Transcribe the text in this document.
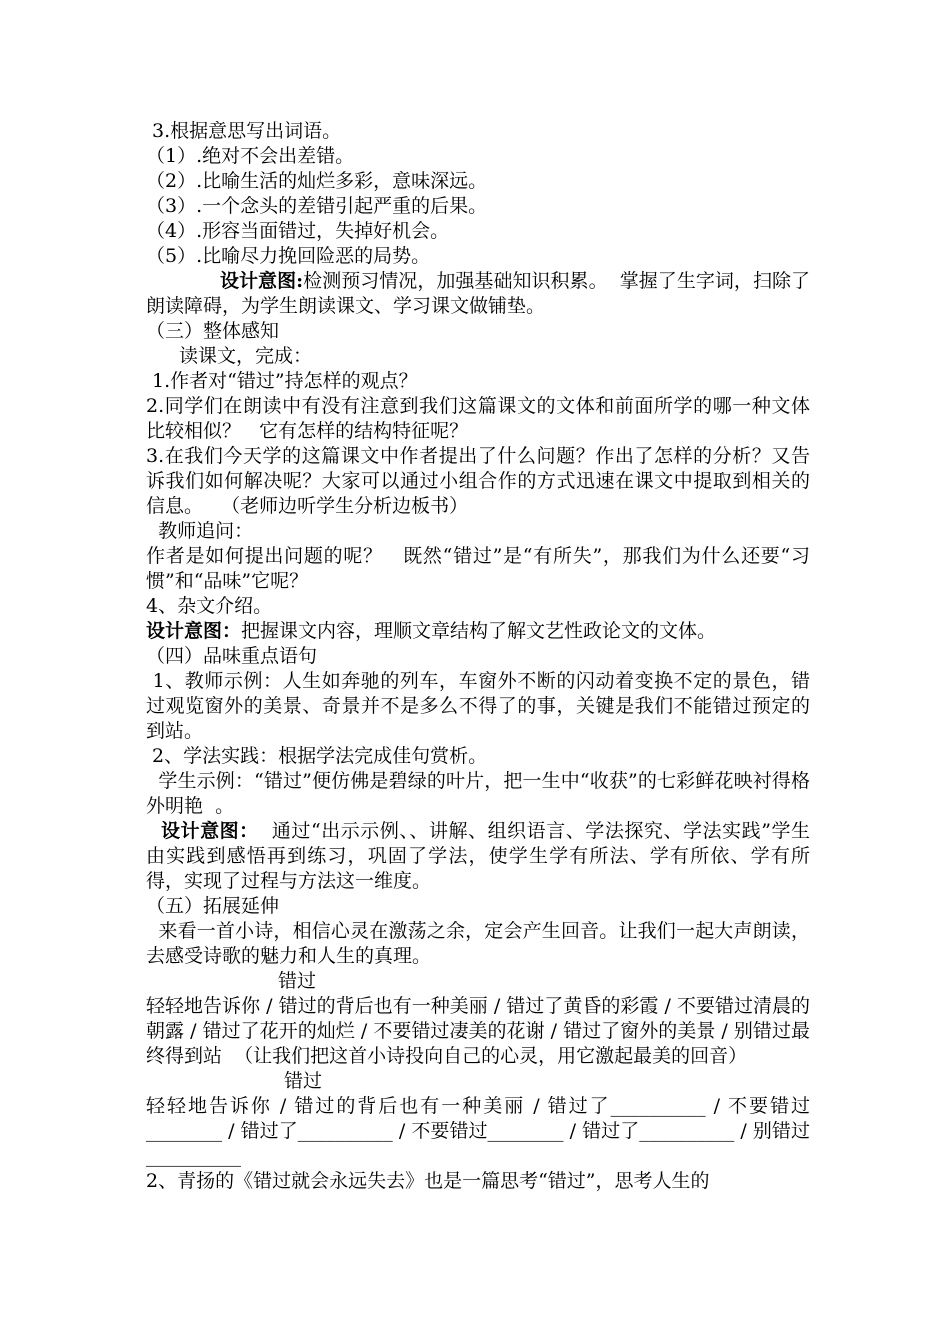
3.根据意思写出词语。

（1）.绝对不会出差错。

（2）.比喻生活的灿烂多彩，意味深远。

（3）.一个念头的差错引起严重的后果。

（4）.形容当面错过，失掉好机会。

（5）.比喻尽力挽回险恶的局势。

设计意图:检测预习情况，加强基础知识积累。  掌握了生字词，扫除了朗读障碍，为学生朗读课文、学习课文做铺垫。

（三）整体感知

读课文，完成：

1.作者对“错过”持怎样的观点？

2.同学们在朗读中有没有注意到我们这篇课文的文体和前面所学的哪一种文体比较相似？   它有怎样的结构特征呢？

3.在我们今天学的这篇课文中作者提出了什么问题？作出了怎样的分析？又告诉我们如何解决呢？大家可以通过小组合作的方式迅速在课文中提取到相关的信息。   （老师边听学生分析边板书）

教师追问：

作者是如何提出问题的呢？   既然“错过”是“有所失”，那我们为什么还要“习惯”和“品味”它呢？

4、杂文介绍。

设计意图：把握课文内容，理顺文章结构了解文艺性政论文的文体。

（四）品味重点语句

1、教师示例：人生如奔驰的列车，车窗外不断的闪动着变换不定的景色，错过观览窗外的美景、奇景并不是多么不得了的事，关键是我们不能错过预定的到站。

2、学法实践：根据学法完成佳句赏析。

学生示例：“错过”便仿佛是碧绿的叶片，把一生中“收获”的七彩鲜花映衬得格外明艳  。

设计意图：  通过“出示示例、、讲解、组织语言、学法探究、学法实践”学生由实践到感悟再到练习，巩固了学法，使学生学有所法、学有所依、学有所得，实现了过程与方法这一维度。

（五）拓展延伸

来看一首小诗，相信心灵在激荡之余，定会产生回音。让我们一起大声朗读，去感受诗歌的魅力和人生的真理。

错过

轻轻地告诉你 / 错过的背后也有一种美丽 / 错过了黄昏的彩霞 / 不要错过清晨的朝露 / 错过了花开的灿烂 / 不要错过凄美的花谢 / 错过了窗外的美景 / 别错过最终得到站  （让我们把这首小诗投向自己的心灵，用它激起最美的回音）

错过

轻轻地告诉你 / 错过的背后也有一种美丽 / 错过了__________ / 不要错过________ / 错过了__________ / 不要错过________ / 错过了__________ / 别错过__________

2、青扬的《错过就会永远失去》也是一篇思考“错过”，思考人生的
